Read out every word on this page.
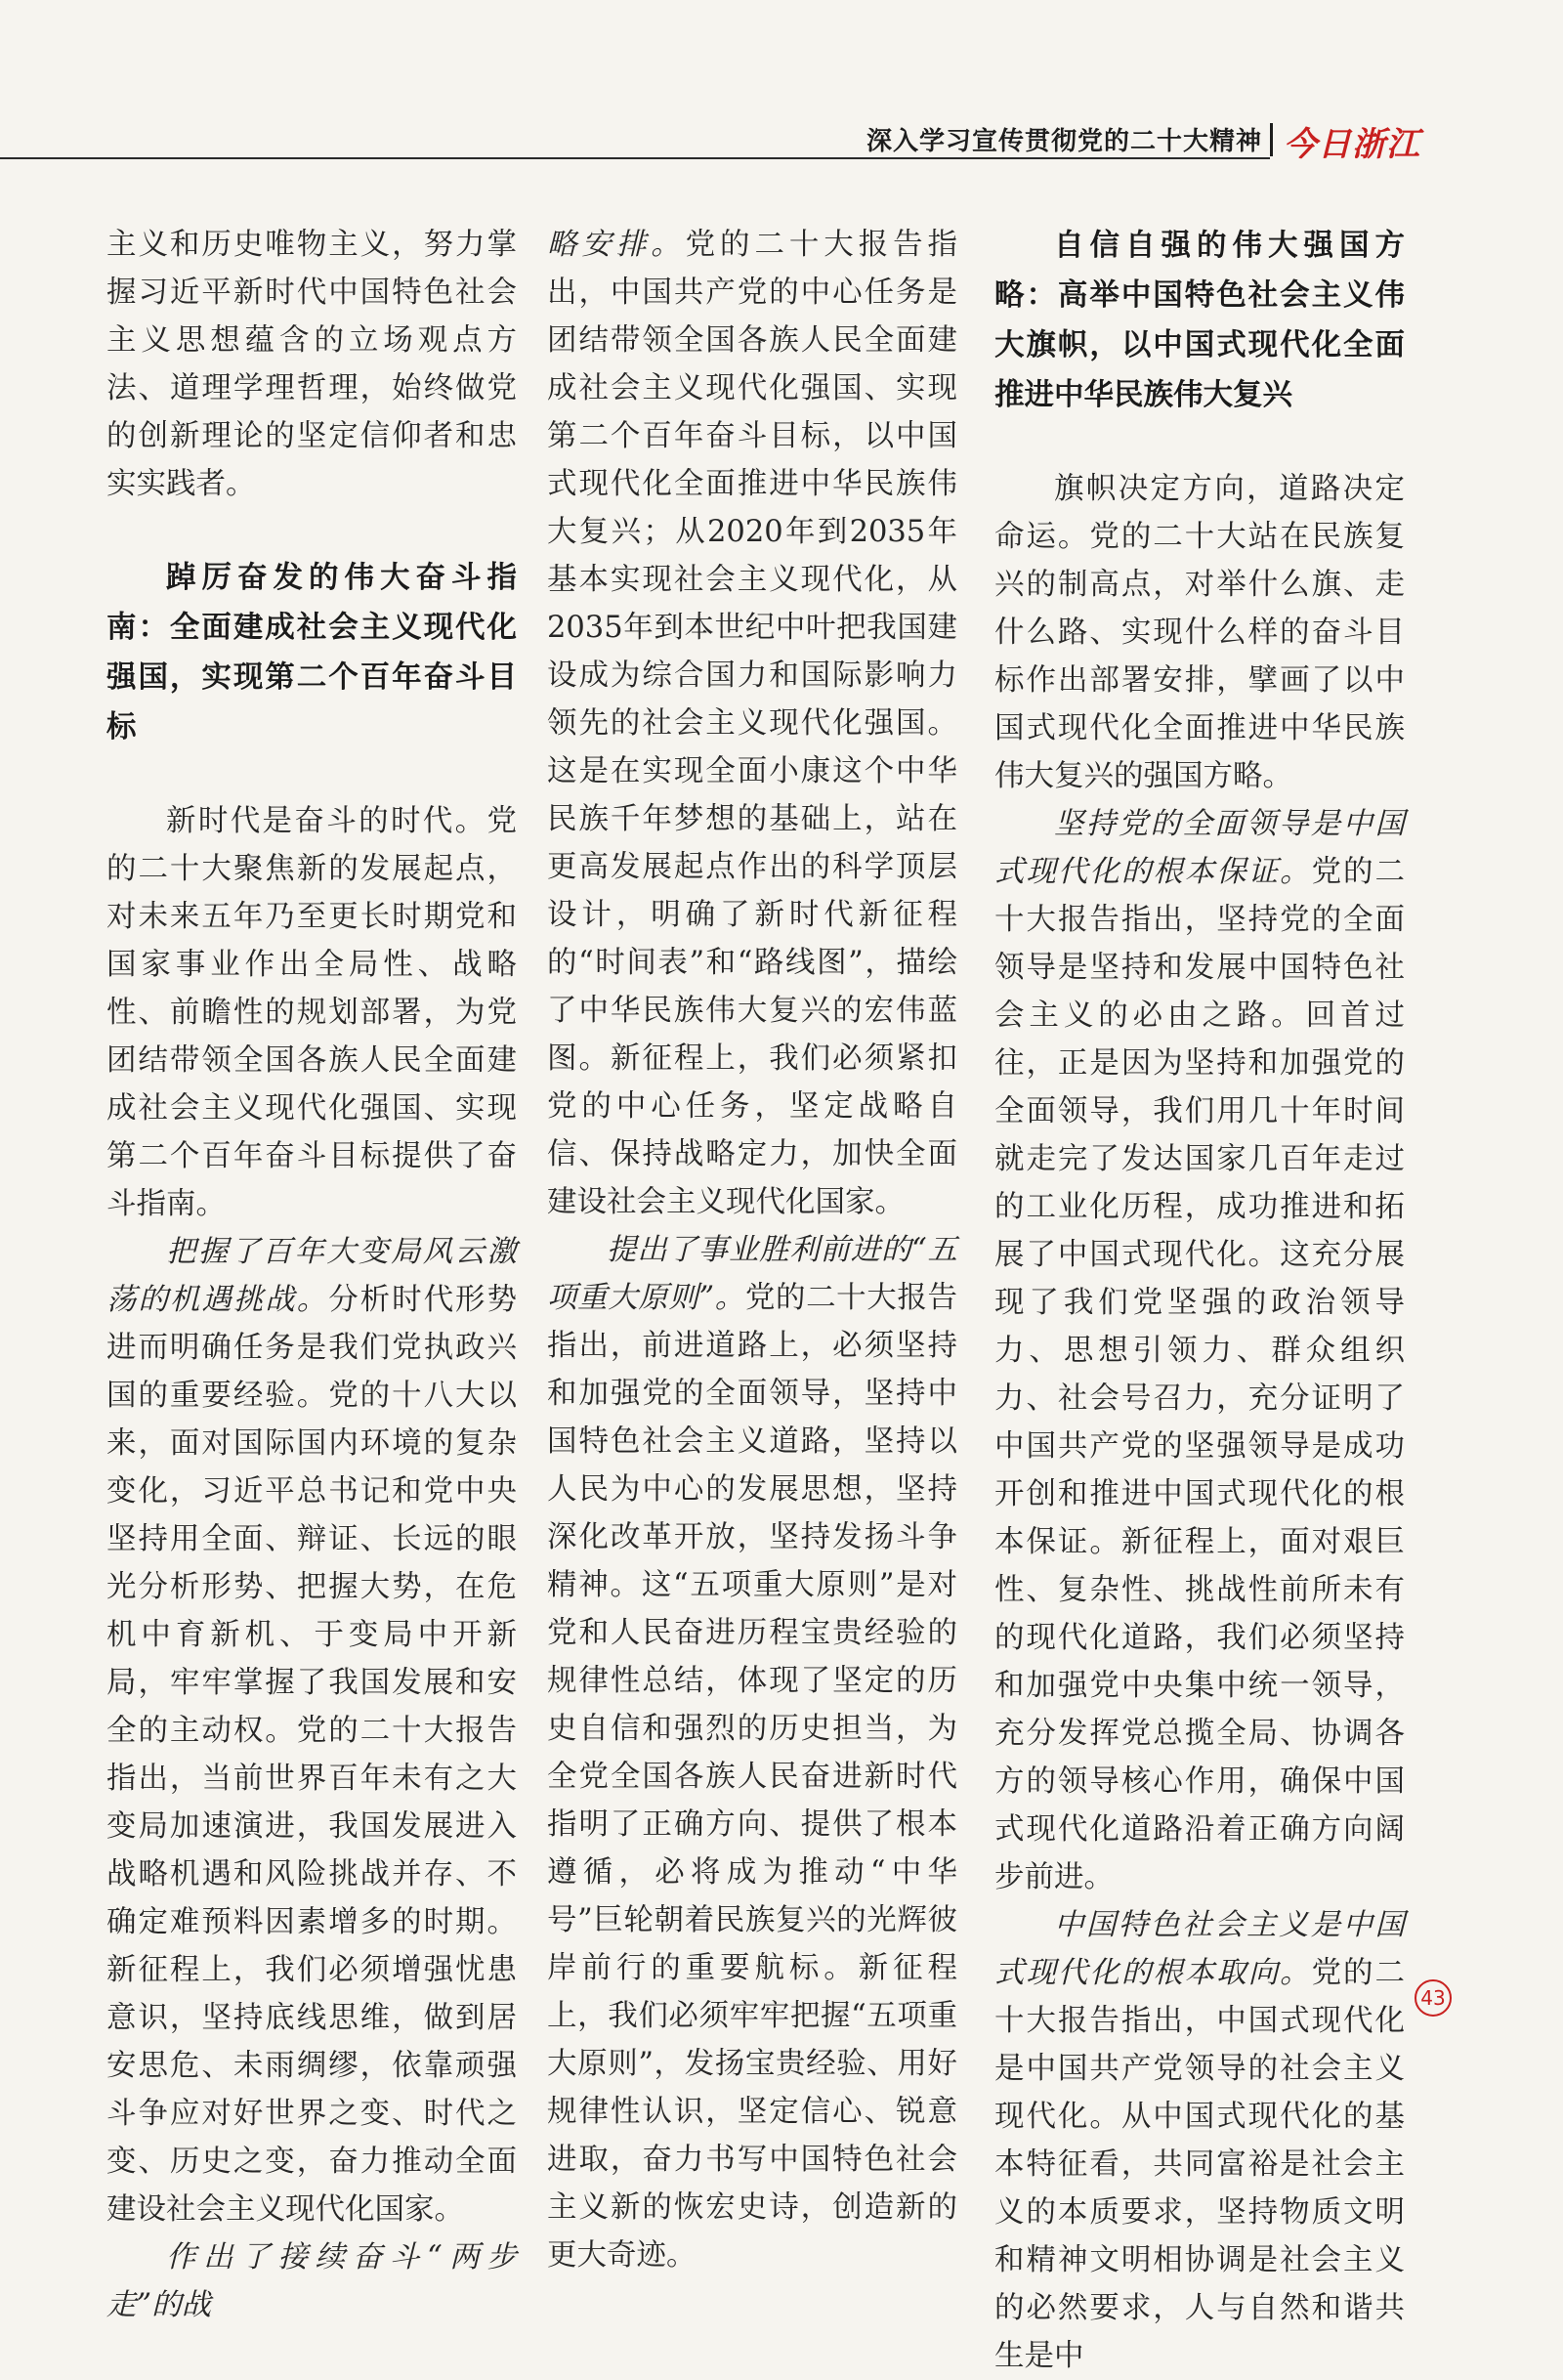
深入学习宣传贯彻党的二十大精神 今日浙江

主义和历史唯物主义，努力掌握习近平新时代中国特色社会主义思想蕴含的立场观点方法、道理学理哲理，始终做党的创新理论的坚定信仰者和忠实实践者。

踔厉奋发的伟大奋斗指南：全面建成社会主义现代化强国，实现第二个百年奋斗目标

新时代是奋斗的时代。党的二十大聚焦新的发展起点，对未来五年乃至更长时期党和国家事业作出全局性、战略性、前瞻性的规划部署，为党团结带领全国各族人民全面建成社会主义现代化强国、实现第二个百年奋斗目标提供了奋斗指南。

把握了百年大变局风云激荡的机遇挑战。分析时代形势进而明确任务是我们党执政兴国的重要经验。党的十八大以来，面对国际国内环境的复杂变化，习近平总书记和党中央坚持用全面、辩证、长远的眼光分析形势、把握大势，在危机中育新机、于变局中开新局，牢牢掌握了我国发展和安全的主动权。党的二十大报告指出，当前世界百年未有之大变局加速演进，我国发展进入战略机遇和风险挑战并存、不确定难预料因素增多的时期。新征程上，我们必须增强忧患意识，坚持底线思维，做到居安思危、未雨绸缪，依靠顽强斗争应对好世界之变、时代之变、历史之变，奋力推动全面建设社会主义现代化国家。

作出了接续奋斗“两步走”的战

略安排。党的二十大报告指出，中国共产党的中心任务是团结带领全国各族人民全面建成社会主义现代化强国、实现第二个百年奋斗目标，以中国式现代化全面推进中华民族伟大复兴；从2020年到2035年基本实现社会主义现代化，从2035年到本世纪中叶把我国建设成为综合国力和国际影响力领先的社会主义现代化强国。这是在实现全面小康这个中华民族千年梦想的基础上，站在更高发展起点作出的科学顶层设计，明确了新时代新征程的“时间表”和“路线图”，描绘了中华民族伟大复兴的宏伟蓝图。新征程上，我们必须紧扣党的中心任务，坚定战略自信、保持战略定力，加快全面建设社会主义现代化国家。

提出了事业胜利前进的“五项重大原则”。党的二十大报告指出，前进道路上，必须坚持和加强党的全面领导，坚持中国特色社会主义道路，坚持以人民为中心的发展思想，坚持深化改革开放，坚持发扬斗争精神。这“五项重大原则”是对党和人民奋进历程宝贵经验的规律性总结，体现了坚定的历史自信和强烈的历史担当，为全党全国各族人民奋进新时代指明了正确方向、提供了根本遵循，必将成为推动“中华号”巨轮朝着民族复兴的光辉彼岸前行的重要航标。新征程上，我们必须牢牢把握“五项重大原则”，发扬宝贵经验、用好规律性认识，坚定信心、锐意进取，奋力书写中国特色社会主义新的恢宏史诗，创造新的更大奇迹。

自信自强的伟大强国方略：高举中国特色社会主义伟大旗帜，以中国式现代化全面推进中华民族伟大复兴

旗帜决定方向，道路决定命运。党的二十大站在民族复兴的制高点，对举什么旗、走什么路、实现什么样的奋斗目标作出部署安排，擘画了以中国式现代化全面推进中华民族伟大复兴的强国方略。

坚持党的全面领导是中国式现代化的根本保证。党的二十大报告指出，坚持党的全面领导是坚持和发展中国特色社会主义的必由之路。回首过往，正是因为坚持和加强党的全面领导，我们用几十年时间就走完了发达国家几百年走过的工业化历程，成功推进和拓展了中国式现代化。这充分展现了我们党坚强的政治领导力、思想引领力、群众组织力、社会号召力，充分证明了中国共产党的坚强领导是成功开创和推进中国式现代化的根本保证。新征程上，面对艰巨性、复杂性、挑战性前所未有的现代化道路，我们必须坚持和加强党中央集中统一领导，充分发挥党总揽全局、协调各方的领导核心作用，确保中国式现代化道路沿着正确方向阔步前进。

中国特色社会主义是中国式现代化的根本取向。党的二十大报告指出，中国式现代化是中国共产党领导的社会主义现代化。从中国式现代化的基本特征看，共同富裕是社会主义的本质要求，坚持物质文明和精神文明相协调是社会主义的必然要求，人与自然和谐共生是中

43
